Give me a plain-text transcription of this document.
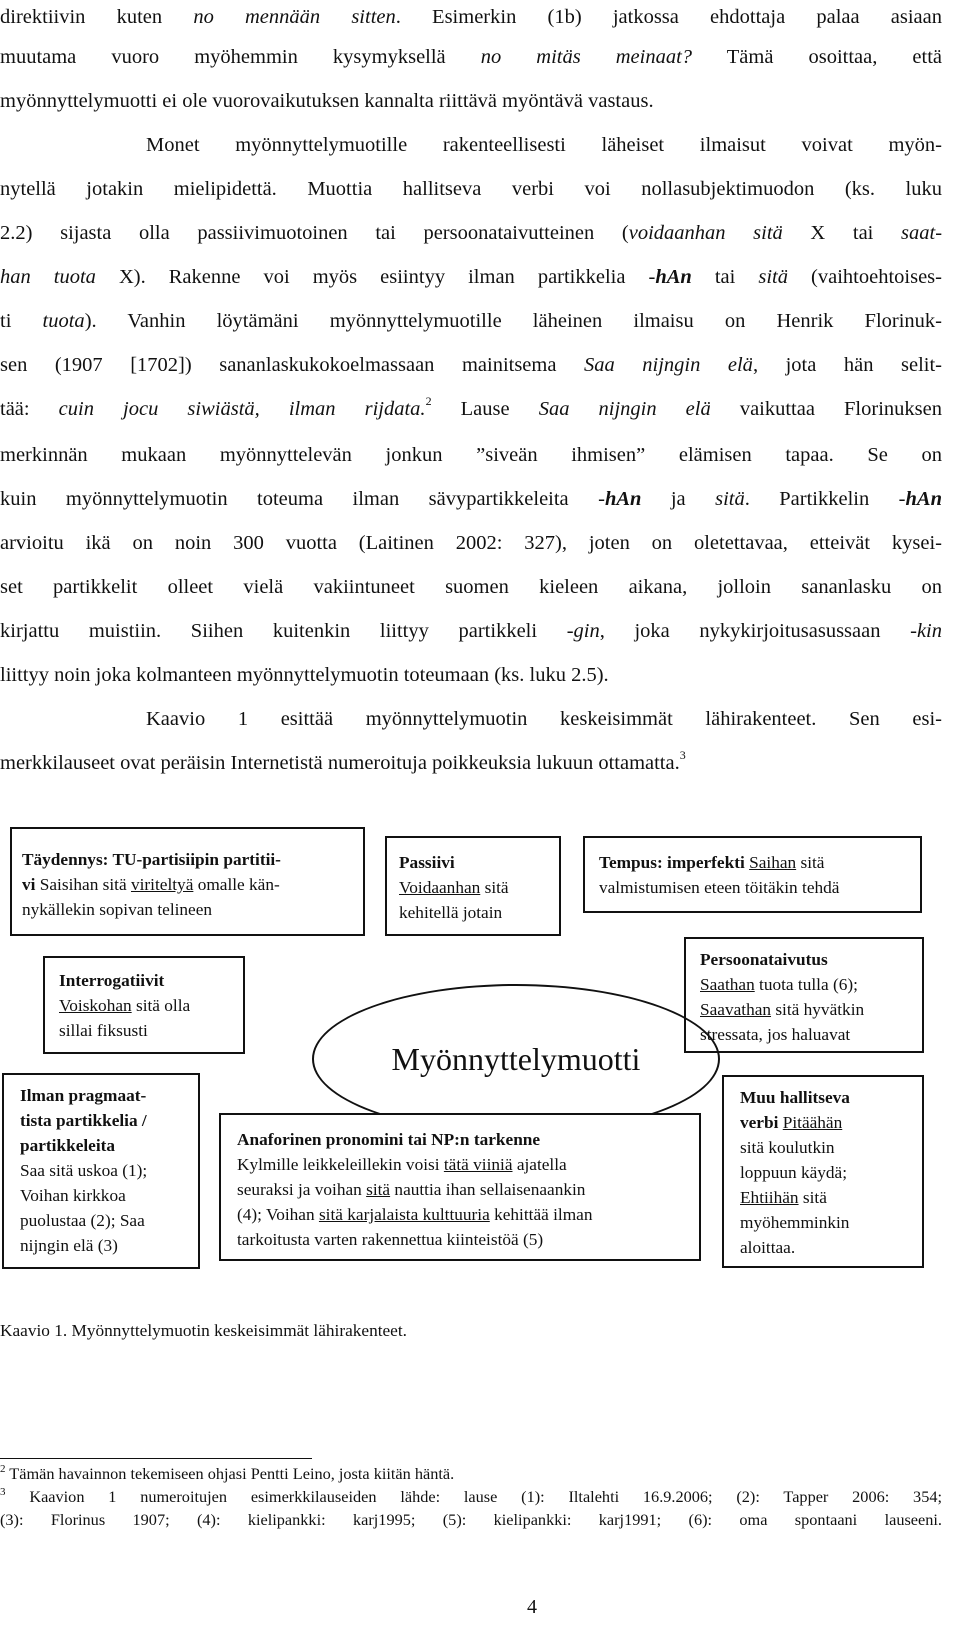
direktiivin kuten no mennään sitten. Esimerkin (1b) jatkossa ehdottaja palaa asiaan
muutama vuoro myöhemmin kysymyksellä no mitäs meinaat? Tämä osoittaa, että
myönnyttelymuotti ei ole vuorovaikutuksen kannalta riittävä myöntävä vastaus.
Monet myönnyttelymuotille rakenteellisesti läheiset ilmaisut voivat myön-
nytellä jotakin mielipidettä. Muottia hallitseva verbi voi nollasubjektimuodon (ks. luku
2.2) sijasta olla passiivimuotoinen tai persoonataivutteinen (voidaanhan sitä X tai saat-
han tuota X). Rakenne voi myös esiintyy ilman partikkelia -hAn tai sitä (vaihtoehtoises-
ti tuota). Vanhin löytämäni myönnyttelymuotille läheinen ilmaisu on Henrik Florinuk-
sen (1907 [1702]) sananlaskukokoelmassaan mainitsema Saa nijngin elä, jota hän selit-
tää: cuin jocu siwiästä, ilman rijdata.$^2$ Lause Saa nijngin elä vaikuttaa Florinuksen
merkinnän mukaan myönnyttelevän jonkun ”siveän ihmisen” elämisen tapaa. Se on
kuin myönnyttelymuotin toteuma ilman sävypartikkeleita -hAn ja sitä. Partikkelin -hAn
arvioitu ikä on noin 300 vuotta (Laitinen 2002: 327), joten on oletettavaa, etteivät kysei-
set partikkelit olleet vielä vakiintuneet suomen kieleen aikana, jolloin sananlasku on
kirjattu muistiin. Siihen kuitenkin liittyy partikkeli -gin, joka nykykirjoitusasussaan -kin
liittyy noin joka kolmanteen myönnyttelymuotin toteumaan (ks. luku 2.5).
Kaavio 1 esittää myönnyttelymuotin keskeisimmät lähirakenteet. Sen esi-
merkkilauseet ovat peräisin Internetistä numeroituja poikkeuksia lukuun ottamatta.$^3$
Täydennys: TU-partisiipin partitii-
vi Saisihan sitä viriteltyä omalle kän-
nykällekin sopivan telineen
Passiivi
Voidaanhan sitä
kehitellä jotain
Tempus: imperfekti Saihan sitä
valmistumisen eteen töitäkin tehdä
Interrogatiivit
Voiskohan sitä olla
sillai fiksusti
Persoonataivutus
Saathan tuota tulla (6);
Saavathan sitä hyvätkin
stressata, jos haluavat
Myönnyttelymuotti
Ilman pragmaat-
tista partikkelia /
partikkeleita
Saa sitä uskoa (1);
Voihan kirkkoa
puolustaa (2); Saa
nijngin elä (3)
Anaforinen pronomini tai NP:n tarkenne
Kylmille leikkeleillekin voisi tätä viiniä ajatella
seuraksi ja voihan sitä nauttia ihan sellaisenaankin
(4); Voihan sitä karjalaista kulttuuria kehittää ilman
tarkoitusta varten rakennettua kiinteistöä (5)
Muu hallitseva
verbi Pitäähän
sitä koulutkin
loppuun käydä;
Ehtiihän sitä
myöhemminkin
aloittaa.
Kaavio 1. Myönnyttelymuotin keskeisimmät lähirakenteet.
$^2$ Tämän havainnon tekemiseen ohjasi Pentti Leino, josta kiitän häntä.
$^3$ Kaavion 1 numeroitujen esimerkkilauseiden lähde: lause (1): Iltalehti 16.9.2006; (2): Tapper 2006: 354;
(3): Florinus 1907; (4): kielipankki: karj1995; (5): kielipankki: karj1991; (6): oma spontaani lauseeni.
4
